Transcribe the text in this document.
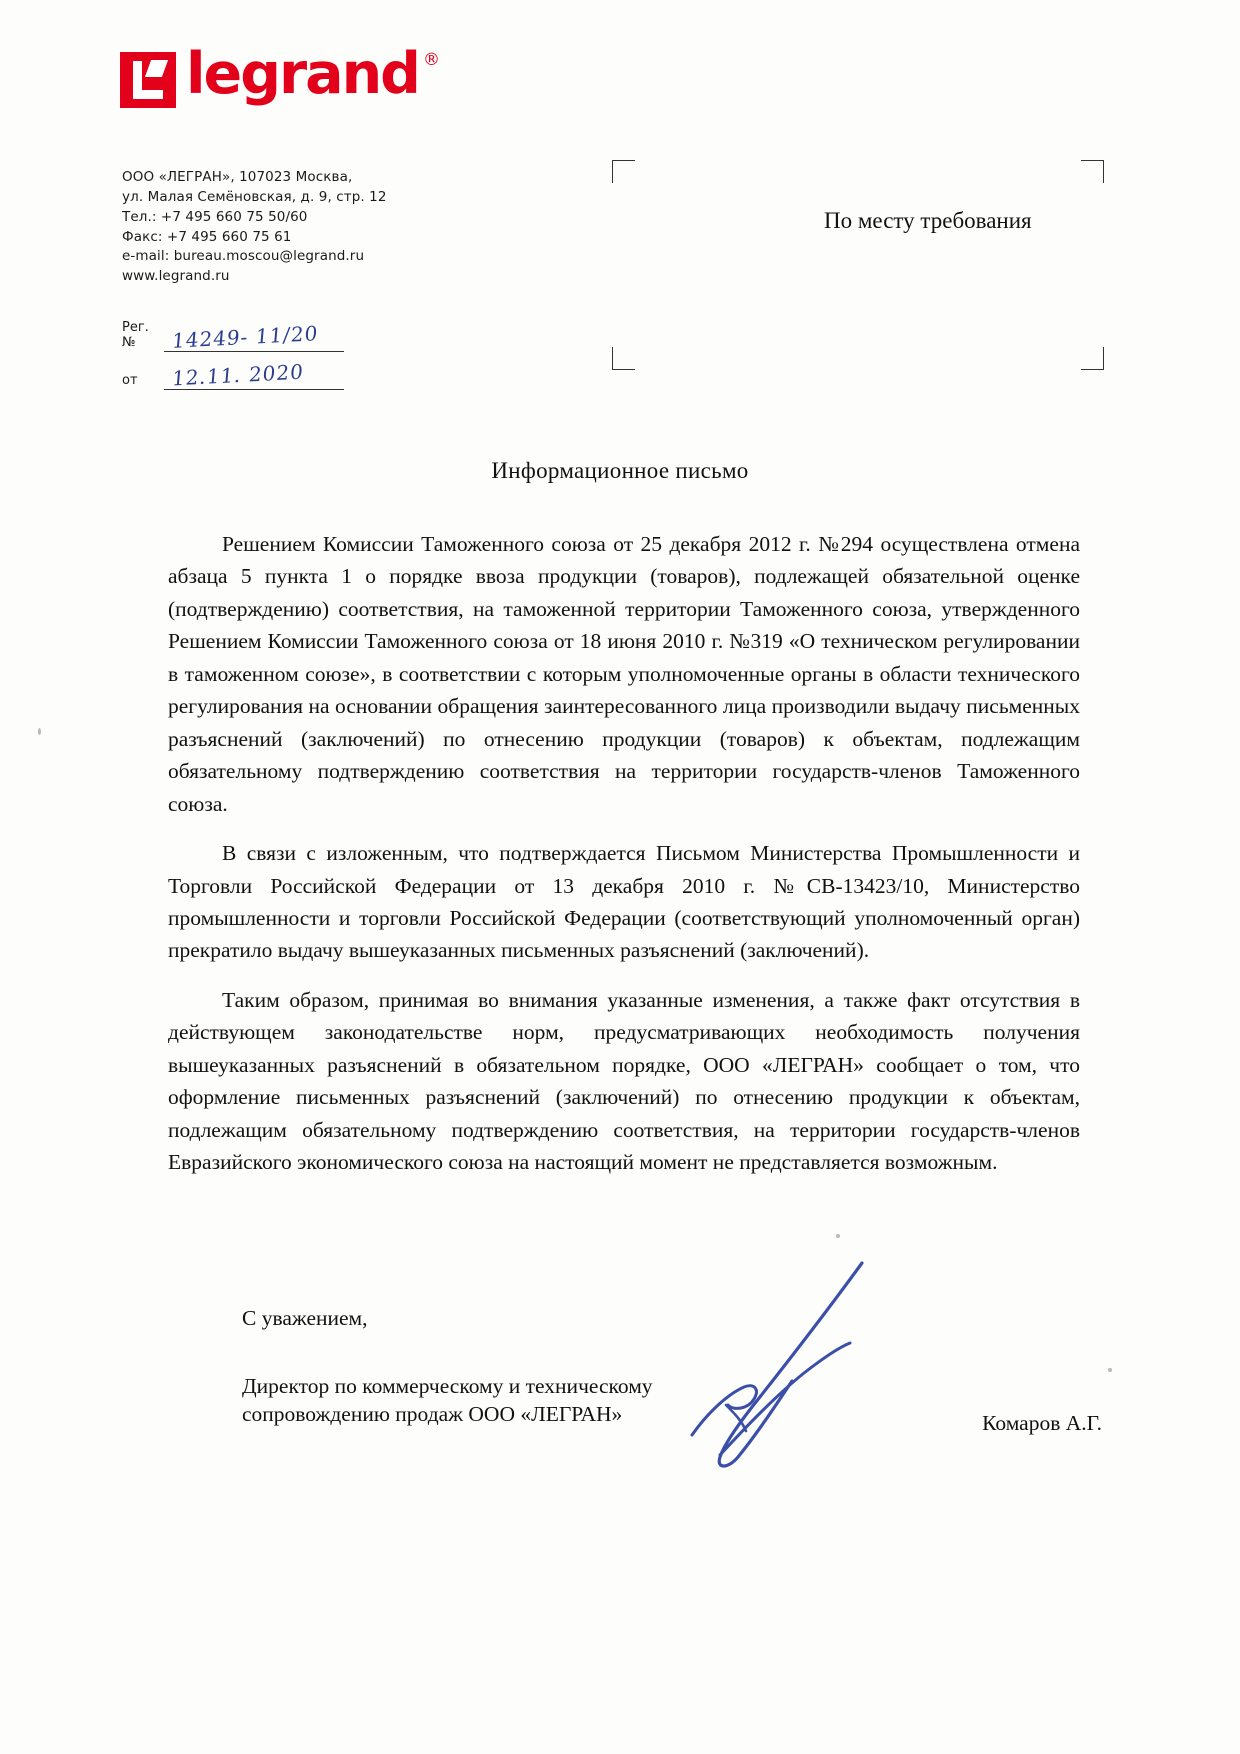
legrand ®
ООО «ЛЕГРАН», 107023 Москва,
ул. Малая Семёновская, д. 9, стр. 12
Тел.: +7 495 660 75 50/60
Факс: +7 495 660 75 61
e-mail: bureau.moscou@legrand.ru
www.legrand.ru
Рег. №	14249- 11/20
от	12.11. 2020
По месту требования
Информационное письмо

Решением Комиссии Таможенного союза от 25 декабря 2012 г. №294 осуществлена отмена абзаца 5 пункта 1 о порядке ввоза продукции (товаров), подлежащей обязательной оценке (подтверждению) соответствия, на таможенной территории Таможенного союза, утвержденного Решением Комиссии Таможенного союза от 18 июня 2010 г. №319 «О техническом регулировании в таможенном союзе», в соответствии с которым уполномоченные органы в области технического регулирования на основании обращения заинтересованного лица производили выдачу письменных разъяснений (заключений) по отнесению продукции (товаров) к объектам, подлежащим обязательному подтверждению соответствия на территории государств-членов Таможенного союза.

В связи с изложенным, что подтверждается Письмом Министерства Промышленности и Торговли Российской Федерации от 13 декабря 2010 г. №СВ-13423/10, Министерство промышленности и торговли Российской Федерации (соответствующий уполномоченный орган) прекратило выдачу вышеуказанных письменных разъяснений (заключений).

Таким образом, принимая во внимания указанные изменения, а также факт отсутствия в действующем законодательстве норм, предусматривающих необходимость получения вышеуказанных разъяснений в обязательном порядке, ООО «ЛЕГРАН» сообщает о том, что оформление письменных разъяснений (заключений) по отнесению продукции к объектам, подлежащим обязательному подтверждению соответствия, на территории государств-членов Евразийского экономического союза на настоящий момент не представляется возможным.

С уважением,
Директор по коммерческому и техническому
сопровождению продаж ООО «ЛЕГРАН»	Комаров А.Г.
